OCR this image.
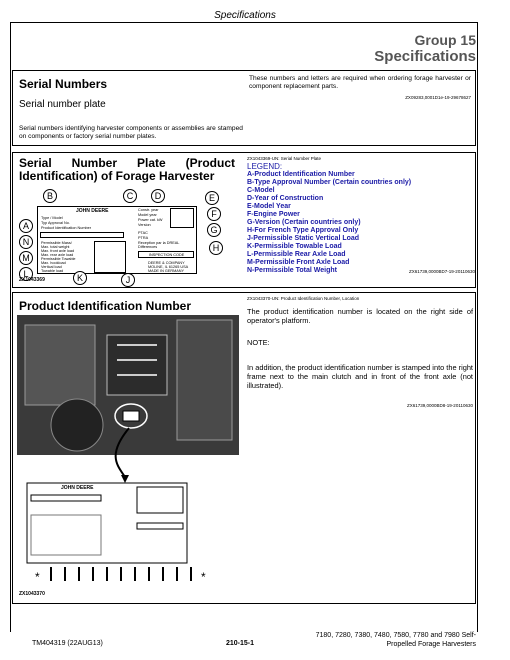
Specifications
Group 15
Specifications
Serial Numbers
Serial number plate
Serial numbers identifying harvester components or assemblies are stamped on components or factory serial number plates.
These numbers and letters are required when ordering forage harvester or component replacement parts.
ZX09283,0001D1e-19-29678627
Serial Number Plate (Product Identification) of Forage Harvester
ZX1043369-UN: Serial Number Plate
LEGEND:
A-Product Identification Number
B-Type Approval Number (Certain countries only)
C-Model
D-Year of Construction
E-Model Year
F-Engine Power
G-Version (Certain countries only)
H-For French Type Approval Only
J-Permissible Static Vertical Load
K-Permissible Towable Load
L-Permissible Rear Axle Load
M-Permissible Front Axle Load
N-Permissible Total Weight	ZX61739,0000BD7-19-20110630
JOHN DEERE
Type / Model
Typ Approval No.
Product Identification Number
Constr. year
Model year
Power cat. kW
Version
PTAC
PTRA
Reception par la DREAL
Differences
Permissible Mass/
Max. total weight
Max. front axle load
Max. rear axle load
Permissible Towable
Max. hookload
Vertical load
Towable load
INSPECTION CODE
DEERE & COMPANY
MOLINE, IL 61265 USA
MADE IN GERMANY
B	C	D	E
F
G
H
A
N
M
L	K	J
ZX1043369
Product Identification Number
ZX1043370-UN: Product Identification Number, Location
The product identification number is located on the right side of operator's platform.
NOTE:
In addition, the product identification number is stamped into the right frame next to the main clutch and in front of the front axle (not illustrated).
ZX61739,0000BD8-19-20110630
*	*
JOHN DEERE
ZX1043370
TM404319 (22AUG13)	210-15-1
7180, 7280, 7380, 7480, 7580, 7780 and 7980 Self-
Propelled Forage Harvesters
